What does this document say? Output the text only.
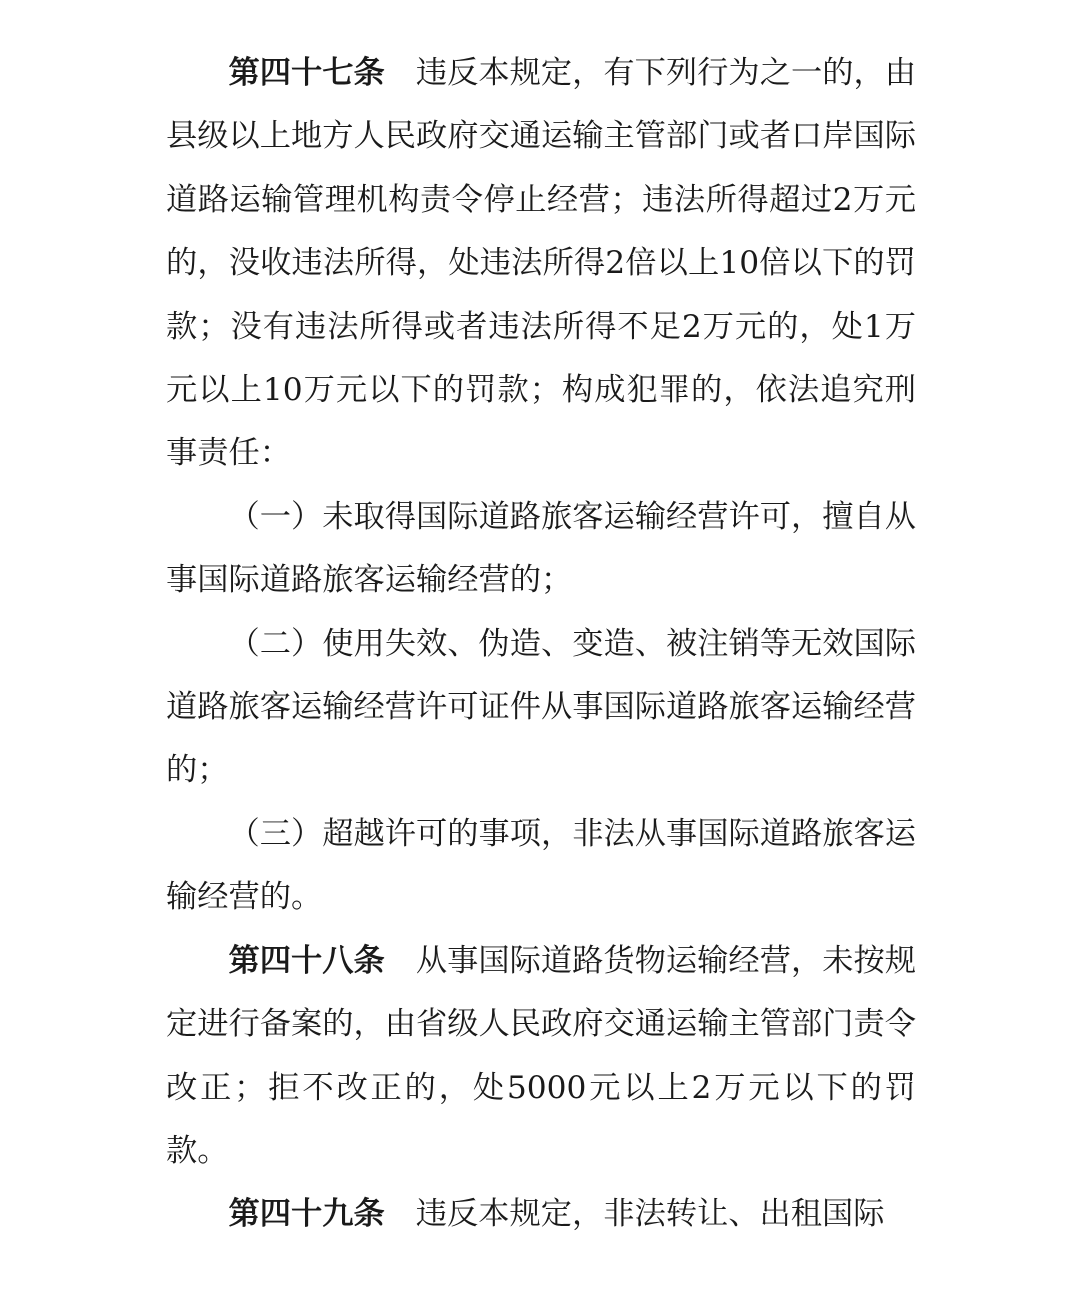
第四十七条 违反本规定，有下列行为之一的，由县级以上地方人民政府交通运输主管部门或者口岸国际道路运输管理机构责令停止经营；违法所得超过2万元的，没收违法所得，处违法所得2倍以上10倍以下的罚款；没有违法所得或者违法所得不足2万元的，处1万元以上10万元以下的罚款；构成犯罪的，依法追究刑事责任：

（一）未取得国际道路旅客运输经营许可，擅自从事国际道路旅客运输经营的；

（二）使用失效、伪造、变造、被注销等无效国际道路旅客运输经营许可证件从事国际道路旅客运输经营的；

（三）超越许可的事项，非法从事国际道路旅客运输经营的。

第四十八条 从事国际道路货物运输经营，未按规定进行备案的，由省级人民政府交通运输主管部门责令改正；拒不改正的，处5000元以上2万元以下的罚款。

第四十九条 违反本规定，非法转让、出租国际
